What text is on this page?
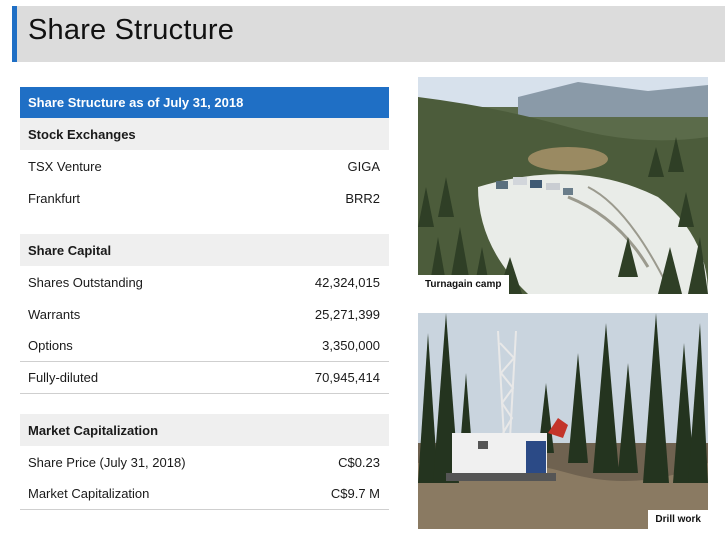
Share Structure
Share Structure as of July 31, 2018
Stock Exchanges
TSX Venture	GIGA
Frankfurt	BRR2
Share Capital
Shares Outstanding	42,324,015
Warrants	25,271,399
Options	3,350,000
Fully-diluted	70,945,414
Market Capitalization
Share Price (July 31, 2018)	C$0.23
Market Capitalization	C$9.7 M
Turnagain camp
Drill work
